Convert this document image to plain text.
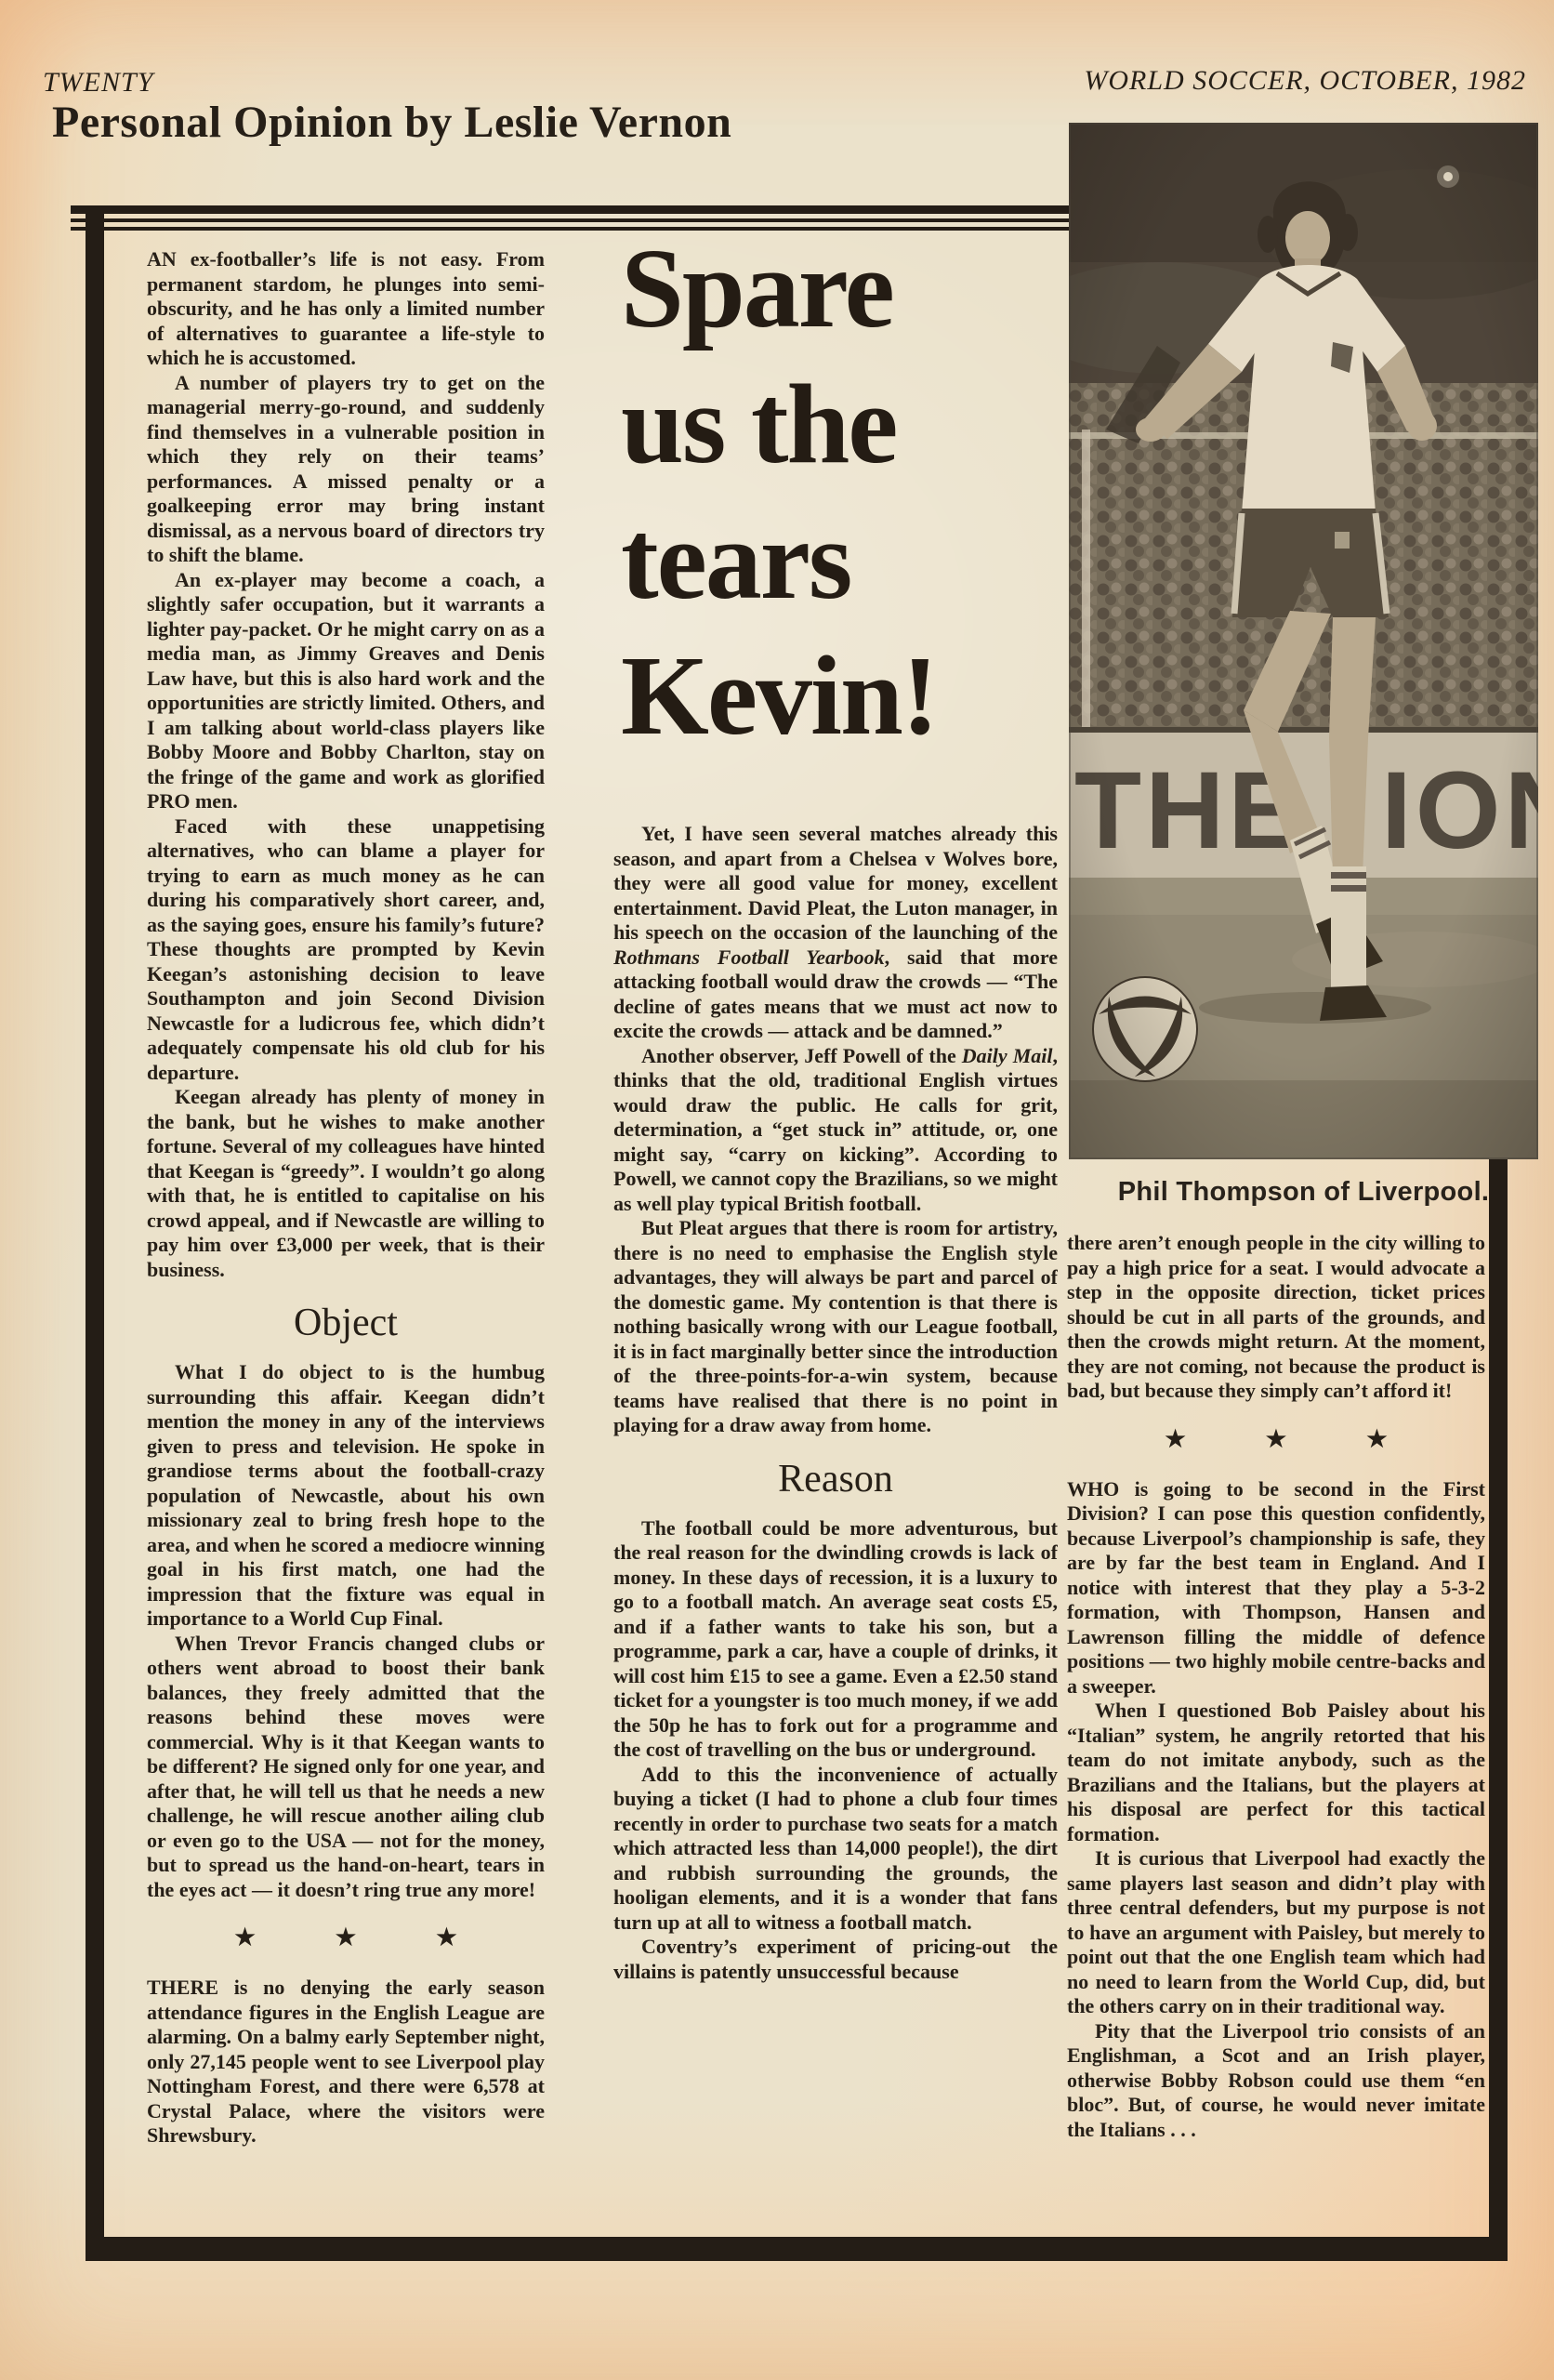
TWENTY	WORLD SOCCER, OCTOBER, 1982
Personal Opinion by Leslie Vernon
Spare
us the
tears
Kevin!

AN ex-footballer’s life is not easy. From permanent stardom, he plunges into semi-obscurity, and he has only a limited number of alternatives to guarantee a life-style to which he is accustomed.

A number of players try to get on the managerial merry-go-round, and suddenly find themselves in a vulnerable position in which they rely on their teams’ performances. A missed penalty or a goalkeeping error may bring instant dismissal, as a nervous board of directors try to shift the blame.

An ex-player may become a coach, a slightly safer occupation, but it warrants a lighter pay-packet. Or he might carry on as a media man, as Jimmy Greaves and Denis Law have, but this is also hard work and the opportunities are strictly limited. Others, and I am talking about world-class players like Bobby Moore and Bobby Charlton, stay on the fringe of the game and work as glorified PRO men.

Faced with these unappetising alternatives, who can blame a player for trying to earn as much money as he can during his comparatively short career, and, as the saying goes, ensure his family’s future? These thoughts are prompted by Kevin Keegan’s astonishing decision to leave Southampton and join Second Division Newcastle for a ludicrous fee, which didn’t adequately compensate his old club for his departure.

Keegan already has plenty of money in the bank, but he wishes to make another fortune. Several of my colleagues have hinted that Keegan is “greedy”. I wouldn’t go along with that, he is entitled to capitalise on his crowd appeal, and if Newcastle are willing to pay him over £3,000 per week, that is their business.

Object

What I do object to is the humbug surrounding this affair. Keegan didn’t mention the money in any of the interviews given to press and television. He spoke in grandiose terms about the football-crazy population of Newcastle, about his own missionary zeal to bring fresh hope to the area, and when he scored a mediocre winning goal in his first match, one had the impression that the fixture was equal in importance to a World Cup Final.

When Trevor Francis changed clubs or others went abroad to boost their bank balances, they freely admitted that the reasons behind these moves were commercial. Why is it that Keegan wants to be different? He signed only for one year, and after that, he will tell us that he needs a new challenge, he will rescue another ailing club or even go to the USA — not for the money, but to spread us the hand-on-heart, tears in the eyes act — it doesn’t ring true any more!

★	★	★

THERE is no denying the early season attendance figures in the English League are alarming. On a balmy early September night, only 27,145 people went to see Liverpool play Nottingham Forest, and there were 6,578 at Crystal Palace, where the visitors were Shrewsbury.

Yet, I have seen several matches already this season, and apart from a Chelsea v Wolves bore, they were all good value for money, excellent entertainment. David Pleat, the Luton manager, in his speech on the occasion of the launching of the Rothmans Football Yearbook, said that more attacking football would draw the crowds — “The decline of gates means that we must act now to excite the crowds — attack and be damned.”

Another observer, Jeff Powell of the Daily Mail, thinks that the old, traditional English virtues would draw the public. He calls for grit, determination, a “get stuck in” attitude, or, one might say, “carry on kicking”. According to Powell, we cannot copy the Brazilians, so we might as well play typical British football.

But Pleat argues that there is room for artistry, there is no need to emphasise the English style advantages, they will always be part and parcel of the domestic game. My contention is that there is nothing basically wrong with our League football, it is in fact marginally better since the introduction of the three-points-for-a-win system, because teams have realised that there is no point in playing for a draw away from home.

Reason

The football could be more adventurous, but the real reason for the dwindling crowds is lack of money. In these days of recession, it is a luxury to go to a football match. An average seat costs £5, and if a father wants to take his son, but a programme, park a car, have a couple of drinks, it will cost him £15 to see a game. Even a £2.50 stand ticket for a youngster is too much money, if we add the 50p he has to fork out for a programme and the cost of travelling on the bus or underground.

Add to this the inconvenience of actually buying a ticket (I had to phone a club four times recently in order to purchase two seats for a match which attracted less than 14,000 people!), the dirt and rubbish surrounding the grounds, the hooligan elements, and it is a wonder that fans turn up at all to witness a football match.

Coventry’s experiment of pricing-out the villains is patently unsuccessful because

there aren’t enough people in the city willing to pay a high price for a seat. I would advocate a step in the opposite direction, ticket prices should be cut in all parts of the grounds, and then the crowds might return. At the moment, they are not coming, not because the product is bad, but because they simply can’t afford it!

★	★	★

WHO is going to be second in the First Division? I can pose this question confidently, because Liverpool’s championship is safe, they are by far the best team in England. And I notice with interest that they play a 5-3-2 formation, with Thompson, Hansen and Lawrenson filling the middle of defence positions — two highly mobile centre-backs and a sweeper.

When I questioned Bob Paisley about his “Italian” system, he angrily retorted that his team do not imitate anybody, such as the Brazilians and the Italians, but the players at his disposal are perfect for this tactical formation.

It is curious that Liverpool had exactly the same players last season and didn’t play with three central defenders, but my purpose is not to have an argument with Paisley, but merely to point out that the one English team which had no need to learn from the World Cup, did, but the others carry on in their traditional way.

Pity that the Liverpool trio consists of an Englishman, a Scot and an Irish player, otherwise Bobby Robson could use them “en bloc”. But, of course, he would never imitate the Italians . . .

Phil Thompson of Liverpool.
